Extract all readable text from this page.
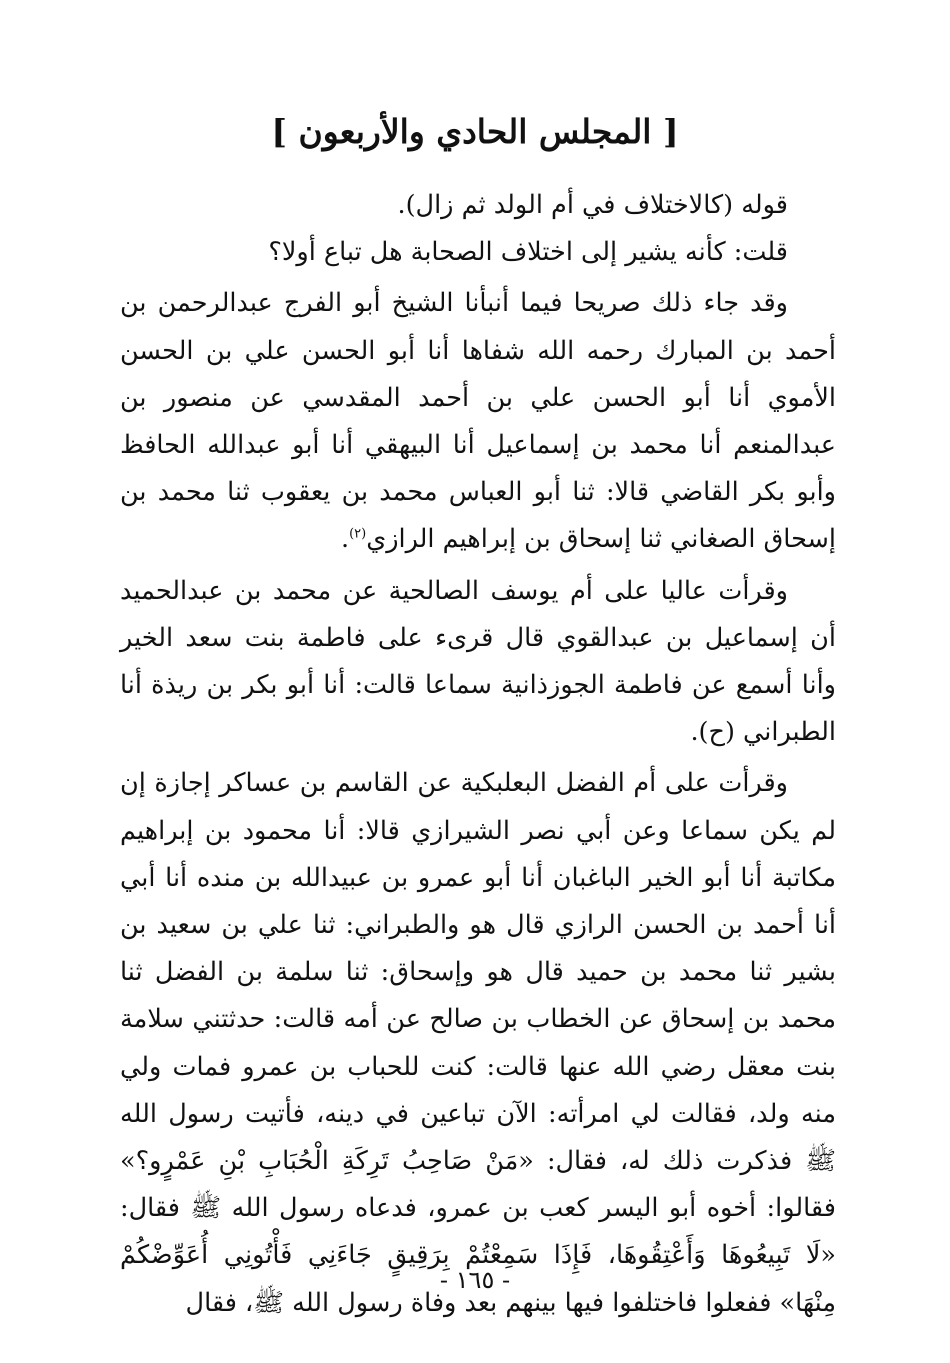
[ المجلس الحادي والأربعون ]

قوله (كالاختلاف في أم الولد ثم زال).

قلت: كأنه يشير إلى اختلاف الصحابة هل تباع أولا؟

وقد جاء ذلك صريحا فيما أنبأنا الشيخ أبو الفرج عبدالرحمن بن أحمد بن المبارك رحمه الله شفاها أنا أبو الحسن علي بن الحسن الأموي أنا أبو الحسن علي بن أحمد المقدسي عن منصور بن عبدالمنعم أنا محمد بن إسماعيل أنا البيهقي أنا أبو عبدالله الحافظ وأبو بكر القاضي قالا: ثنا أبو العباس محمد بن يعقوب ثنا محمد بن إسحاق الصغاني ثنا إسحاق بن إبراهيم الرازي$^{(٢)}$.

وقرأت عاليا على أم يوسف الصالحية عن محمد بن عبدالحميد أن إسماعيل بن عبدالقوي قال قرىء على فاطمة بنت سعد الخير وأنا أسمع عن فاطمة الجوزذانية سماعا قالت: أنا أبو بكر بن ريذة أنا الطبراني (ح).

وقرأت على أم الفضل البعلبكية عن القاسم بن عساكر إجازة إن لم يكن سماعا وعن أبي نصر الشيرازي قالا: أنا محمود بن إبراهيم مكاتبة أنا أبو الخير الباغبان أنا أبو عمرو بن عبيدالله بن منده أنا أبي أنا أحمد بن الحسن الرازي قال هو والطبراني: ثنا علي بن سعيد بن بشير ثنا محمد بن حميد قال هو وإسحاق: ثنا سلمة بن الفضل ثنا محمد بن إسحاق عن الخطاب بن صالح عن أمه قالت: حدثتني سلامة بنت معقل رضي الله عنها قالت: كنت للحباب بن عمرو فمات ولي منه ولد، فقالت لي امرأته: الآن تباعين في دينه، فأتيت رسول الله ﷺ فذكرت ذلك له، فقال: «مَنْ صَاحِبُ تَرِكَةِ الْحُبَابِ بْنِ عَمْرٍو؟» فقالوا: أخوه أبو اليسر كعب بن عمرو، فدعاه رسول الله ﷺ فقال: «لَا تَبِيعُوهَا وَأَعْتِقُوهَا، فَإِذَا سَمِعْتُمْ بِرَقِيقٍ جَاءَنِي فَأْتُونِي أُعَوِّضْكُمْ مِنْهَا» ففعلوا فاختلفوا فيها بينهم بعد وفاة رسول الله ﷺ، فقال

- ١٦٥ -
